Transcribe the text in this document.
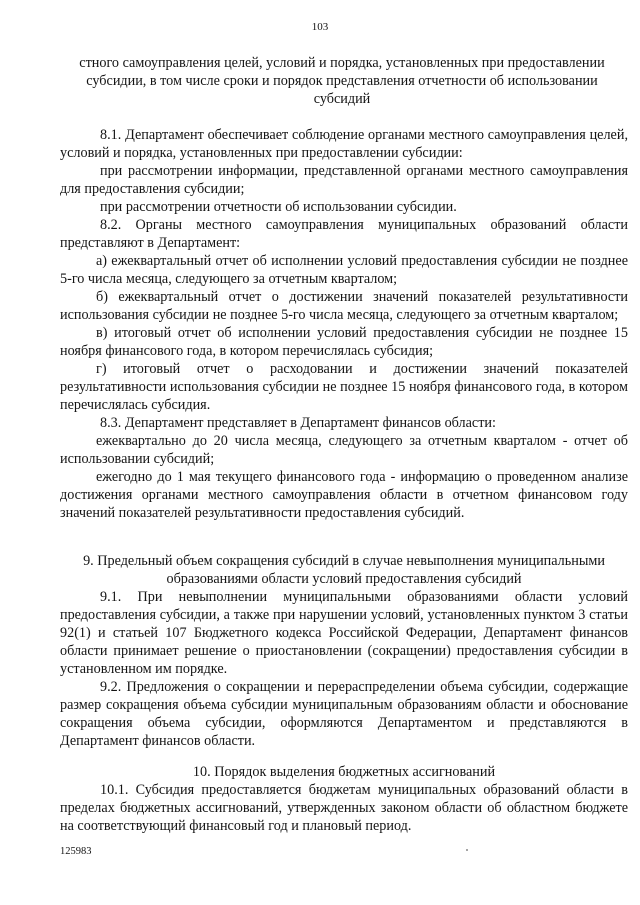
103
стного самоуправления целей, условий и порядка, установленных при предоставлении субсидии, в том числе сроки и порядок представления отчетности об использовании субсидий

8.1. Департамент обеспечивает соблюдение органами местного самоуправления целей, условий и порядка, установленных при предоставлении субсидии:

при рассмотрении информации, представленной органами местного самоуправления для предоставления субсидии;

при рассмотрении отчетности об использовании субсидии.

8.2. Органы местного самоуправления муниципальных образований области представляют в Департамент:

а) ежеквартальный отчет об исполнении условий предоставления субсидии не позднее 5-го числа месяца, следующего за отчетным кварталом;

б) ежеквартальный отчет о достижении значений показателей результативности использования субсидии не позднее 5-го числа месяца, следующего за отчетным кварталом;

в) итоговый отчет об исполнении условий предоставления субсидии не позднее 15 ноября финансового года, в котором перечислялась субсидия;

г) итоговый отчет о расходовании и достижении значений показателей результативности использования субсидии не позднее 15 ноября финансового года, в котором перечислялась субсидия.

8.3. Департамент представляет в Департамент финансов области:

ежеквартально до 20 числа месяца, следующего за отчетным кварталом - отчет об использовании субсидий;

ежегодно до 1 мая текущего финансового года - информацию о проведенном анализе достижения органами местного самоуправления области в отчетном финансовом году значений показателей результативности предоставления субсидий.

9. Предельный объем сокращения субсидий в случае невыполнения муниципальными образованиями области условий предоставления субсидий

9.1. При невыполнении муниципальными образованиями области условий предоставления субсидии, а также при нарушении условий, установленных пунктом 3 статьи 92(1) и статьей 107 Бюджетного кодекса Российской Федерации, Департамент финансов области принимает решение о приостановлении (сокращении) предоставления субсидии в установленном им порядке.

9.2. Предложения о сокращении и перераспределении объема субсидии, содержащие размер сокращения объема субсидии муниципальным образованиям области и обоснование сокращения объема субсидии, оформляются Департаментом и представляются в Департамент финансов области.

10. Порядок выделения бюджетных ассигнований

10.1. Субсидия предоставляется бюджетам муниципальных образований области в пределах бюджетных ассигнований, утвержденных законом области об областном бюджете на соответствующий финансовый год и плановый период.

125983
